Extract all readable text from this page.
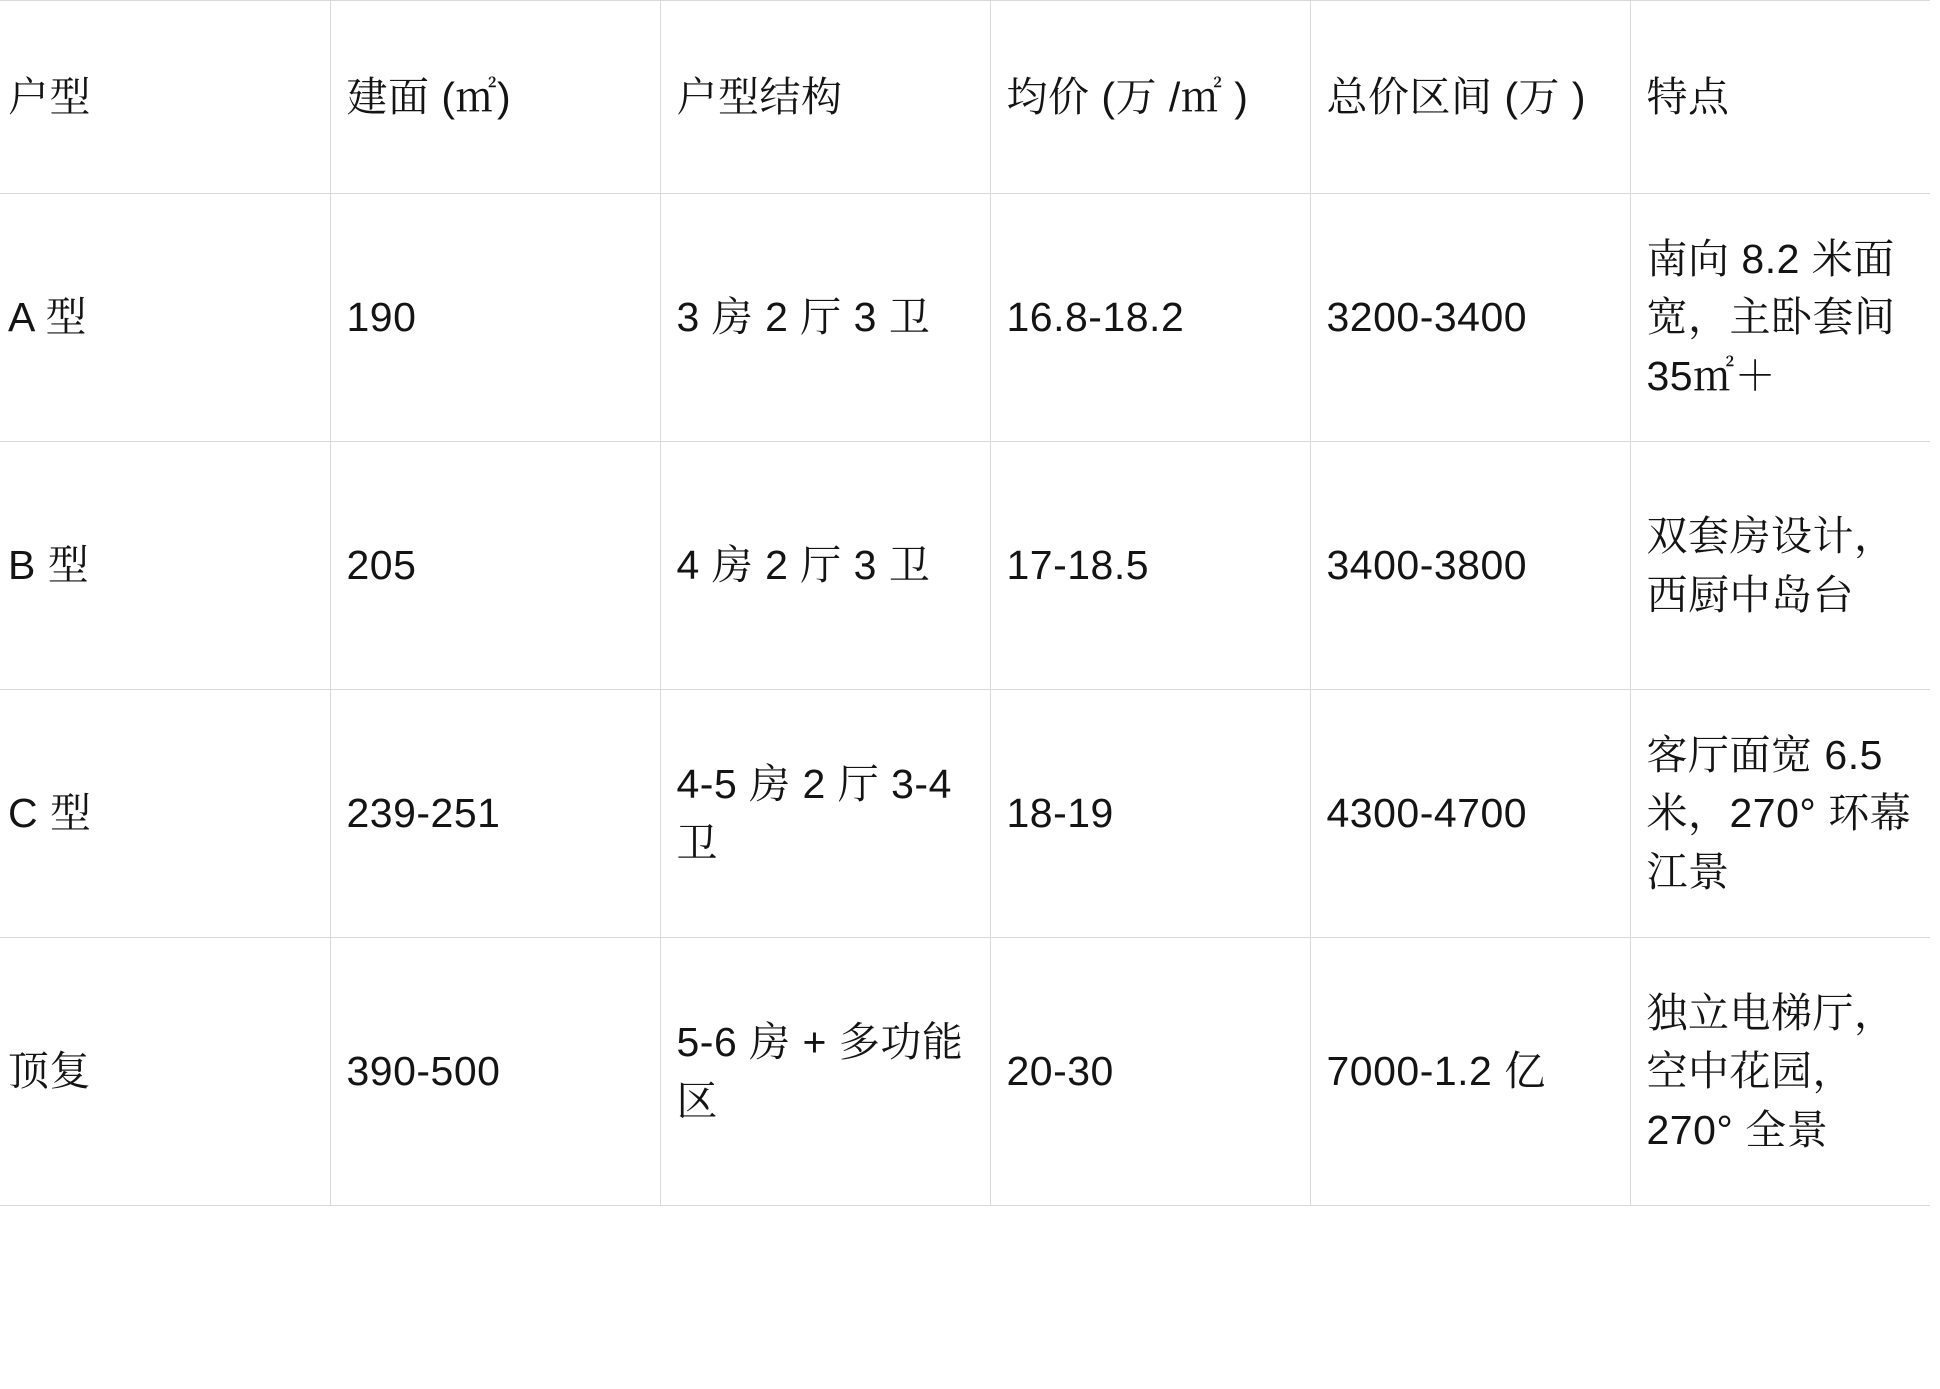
户型	建面 (㎡)	户型结构	均价 (万 /㎡ )	总价区间 (万 )	特点
A 型	190	3 房 2 厅 3 卫	16.8-18.2	3200-3400	南向 8.2 米面宽，主卧套间 35㎡＋
B 型	205	4 房 2 厅 3 卫	17-18.5	3400-3800	双套房设计，西厨中岛台
C 型	239-251	4-5 房 2 厅 3-4 卫	18-19	4300-4700	客厅面宽 6.5 米，270° 环幕江景
顶复	390-500	5-6 房 + 多功能区	20-30	7000-1.2 亿	独立电梯厅，空中花园，270° 全景
